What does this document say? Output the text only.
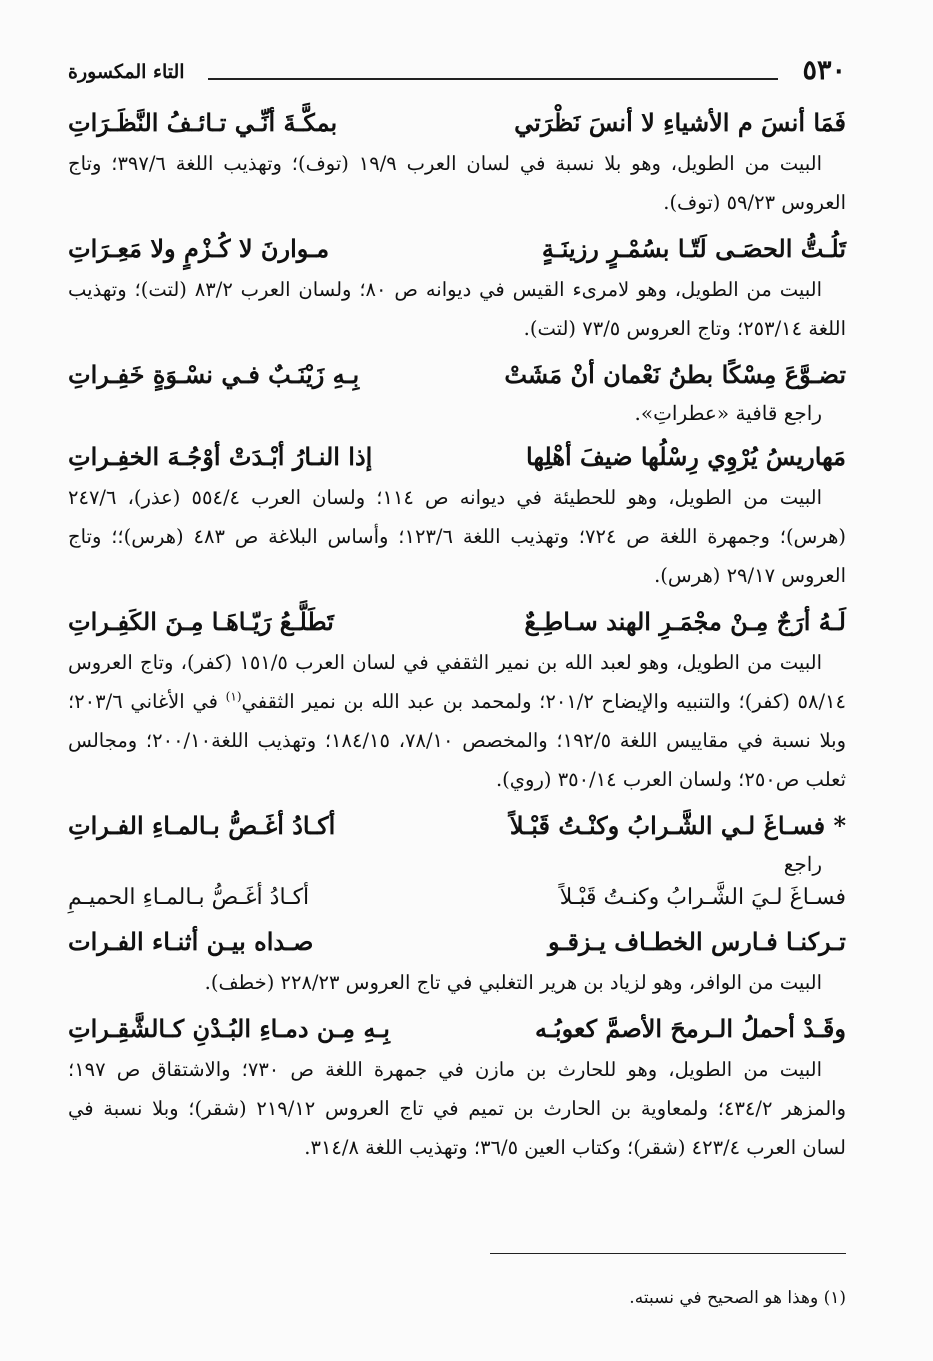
٥٣٠
التاء المكسورة
فَمَا أنسَ م الأشياءِ لا أنسَ نَظْرَتي
بمكَّـةَ أنِّـي تـائـفُ النَّظَـرَاتِ

البيت من الطويل، وهو بلا نسبة في لسان العرب ١٩/٩ (توف)؛ وتهذيب اللغة ٣٩٧/٦؛ وتاج العروس ٥٩/٢٣ (توف).

تَلُـتُّ الحصَـى لَتّـا بسُمْـرٍ رزينَـةٍ
مـوارنَ لا كُـزْمٍ ولا مَعِـرَاتِ

البيت من الطويل، وهو لامرىء القيس في ديوانه ص ٨٠؛ ولسان العرب ٨٣/٢ (لتت)؛ وتهذيب اللغة ٢٥٣/١٤؛ وتاج العروس ٧٣/٥ (لتت).

تضـوَّعَ مِسْكًا بطنُ نَعْمان أنْ مَشَتْ
بِـهِ زَيْنَـبٌ فـي نسْـوَةٍ خَفِـراتِ

راجع قافية «عطراتِ».

مَهاريسُ يُرْوِي رِسْلُها ضيفَ أهْلِها
إذا النـارُ أبْـدَتْ أوْجُـهَ الخفِـراتِ

البيت من الطويل، وهو للحطيئة في ديوانه ص ١١٤؛ ولسان العرب ٥٥٤/٤ (عذر)، ٢٤٧/٦ (هرس)؛ وجمهرة اللغة ص ٧٢٤؛ وتهذيب اللغة ١٢٣/٦؛ وأساس البلاغة ص ٤٨٣ (هرس)؛؛ وتاج العروس ٢٩/١٧ (هرس).

لَـهُ أرَجٌ مِـنْ مجْمَـرِ الهند سـاطِـعٌ
تَطَلَّـعُ رَيّـاهَـا مِـنَ الكَفِـراتِ

البيت من الطويل، وهو لعبد الله بن نمير الثقفي في لسان العرب ١٥١/٥ (كفر)، وتاج العروس ٥٨/١٤ (كفر)؛ والتنبيه والإيضاح ٢٠١/٢؛ ولمحمد بن عبد الله بن نمير الثقفي$^{(١)}$ في الأغاني ٢٠٣/٦؛ وبلا نسبة في مقاييس اللغة ١٩٢/٥؛ والمخصص ٧٨/١٠، ١٨٤/١٥؛ وتهذيب اللغة٢٠٠/١٠؛ ومجالس ثعلب ص٢٥٠؛ ولسان العرب ٣٥٠/١٤ (روي).

* فسـاغَ لـي الشَّـرابُ وكنْـتُ قَبْـلاً
أكـادُ أغَـصُّ بـالمـاءِ الفـراتِ

راجع

فسـاغَ لـيَ الشَّـرابُ وكنـتُ قَبْـلاً
أكـادُ أغَـصُّ بـالمـاءِ الحميـمِ
تـركنـا فـارس الخطـاف يـزقـو
صـداه بيـن أثنـاء الفـرات

البيت من الوافر، وهو لزياد بن هرير التغلبي في تاج العروس ٢٢٨/٢٣ (خطف).

وقَـدْ أحملُ الـرمحَ الأصمَّ كعوبُـه
بِـهِ مِـن دمـاءِ البُـدْنِ كـالشَّقِـراتِ

البيت من الطويل، وهو للحارث بن مازن في جمهرة اللغة ص ٧٣٠؛ والاشتقاق ص ١٩٧؛ والمزهر ٤٣٤/٢؛ ولمعاوية بن الحارث بن تميم في تاج العروس ٢١٩/١٢ (شقر)؛ وبلا نسبة في لسان العرب ٤٢٣/٤ (شقر)؛ وكتاب العين ٣٦/٥؛ وتهذيب اللغة ٣١٤/٨.

(١) وهذا هو الصحيح في نسبته.
